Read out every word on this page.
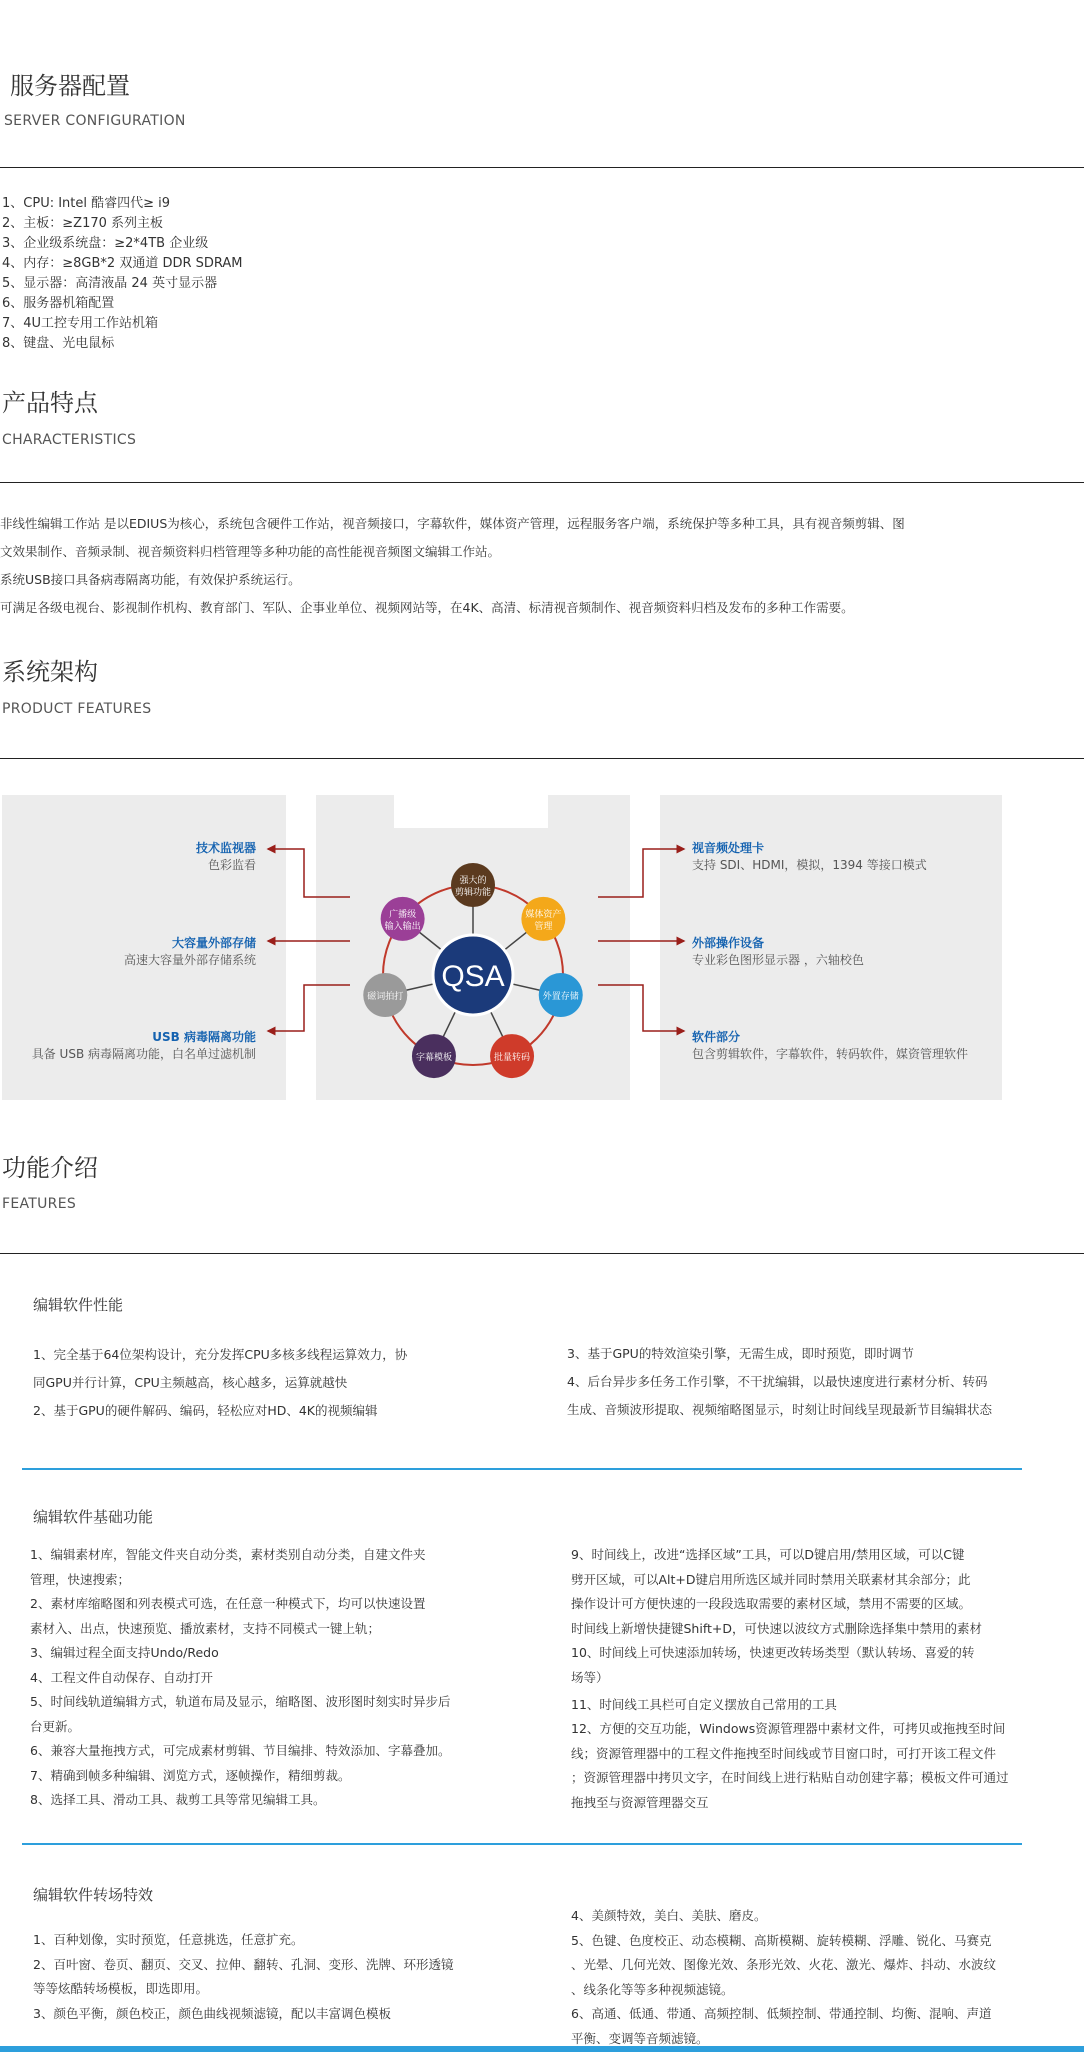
服务器配置
SERVER CONFIGURATION
1、CPU: Intel 酷睿四代≥ i9
2、主板：≥Z170 系列主板
3、企业级系统盘：≥2*4TB 企业级
4、内存：≥8GB*2 双通道 DDR SDRAM
5、显示器：高清液晶 24 英寸显示器
6、服务器机箱配置
7、4U工控专用工作站机箱
8、键盘、光电鼠标
产品特点
CHARACTERISTICS
非线性编辑工作站 是以EDIUS为核心，系统包含硬件工作站，视音频接口，字幕软件，媒体资产管理，远程服务客户端，系统保护等多种工具，具有视音频剪辑、图
文效果制作、音频录制、视音频资料归档管理等多种功能的高性能视音频图文编辑工作站。
系统USB接口具备病毒隔离功能，有效保护系统运行。
可满足各级电视台、影视制作机构、教育部门、军队、企事业单位、视频网站等，在4K、高清、标清视音频制作、视音频资料归档及发布的多种工作需要。
系统架构
PRODUCT FEATURES
技术监视器
色彩监看
大容量外部存储
高速大容量外部存储系统
USB 病毒隔离功能
具备 USB 病毒隔离功能，白名单过滤机制
视音频处理卡
支持 SDI、HDMI，模拟，1394 等接口模式
外部操作设备
专业彩色图形显示器 ，六轴校色
软件部分
包含剪辑软件，字幕软件，转码软件，媒资管理软件
强大的
剪辑功能
媒体资产
管理
外置存储
批量转码
字幕模板
磁词拍打
广播级
输入输出
QSA
功能介绍
FEATURES
编辑软件性能
1、完全基于64位架构设计，充分发挥CPU多核多线程运算效力，协
同GPU并行计算，CPU主频越高，核心越多，运算就越快
2、基于GPU的硬件解码、编码，轻松应对HD、4K的视频编辑
3、基于GPU的特效渲染引擎，无需生成，即时预览，即时调节
4、后台异步多任务工作引擎，不干扰编辑，以最快速度进行素材分析、转码
生成、音频波形提取、视频缩略图显示，时刻让时间线呈现最新节目编辑状态
编辑软件基础功能
1、编辑素材库，智能文件夹自动分类，素材类别自动分类，自建文件夹
管理，快速搜索；
2、素材库缩略图和列表模式可选，在任意一种模式下，均可以快速设置
素材入、出点，快速预览、播放素材，支持不同模式一键上轨；
3、编辑过程全面支持Undo/Redo
4、工程文件自动保存、自动打开
5、时间线轨道编辑方式，轨道布局及显示，缩略图、波形图时刻实时异步后
台更新。
6、兼容大量拖拽方式，可完成素材剪辑、节目编排、特效添加、字幕叠加。
7、精确到帧多种编辑、浏览方式，逐帧操作，精细剪裁。
8、选择工具、滑动工具、裁剪工具等常见编辑工具。
9、时间线上，改进“选择区域”工具，可以D键启用/禁用区域，可以C键
劈开区域，可以Alt+D键启用所选区域并同时禁用关联素材其余部分；此
操作设计可方便快速的一段段选取需要的素材区域，禁用不需要的区域。
时间线上新增快捷键Shift+D，可快速以波纹方式删除选择集中禁用的素材
10、时间线上可快速添加转场，快速更改转场类型（默认转场、喜爱的转
场等）
11、时间线工具栏可自定义摆放自己常用的工具
12、方便的交互功能，Windows资源管理器中素材文件，可拷贝或拖拽至时间
线；资源管理器中的工程文件拖拽至时间线或节目窗口时，可打开该工程文件
；资源管理器中拷贝文字，在时间线上进行粘贴自动创建字幕；模板文件可通过
拖拽至与资源管理器交互
编辑软件转场特效
1、百种划像，实时预览，任意挑选，任意扩充。
2、百叶窗、卷页、翻页、交叉、拉伸、翻转、孔洞、变形、洗牌、环形透镜
等等炫酷转场模板，即选即用。
3、颜色平衡，颜色校正，颜色曲线视频滤镜，配以丰富调色模板
4、美颜特效，美白、美肤、磨皮。
5、色键、色度校正、动态模糊、高斯模糊、旋转模糊、浮雕、锐化、马赛克
、光晕、几何光效、图像光效、条形光效、火花、激光、爆炸、抖动、水波纹
、线条化等等多种视频滤镜。
6、高通、低通、带通、高频控制、低频控制、带通控制、均衡、混响、声道
平衡、变调等音频滤镜。
